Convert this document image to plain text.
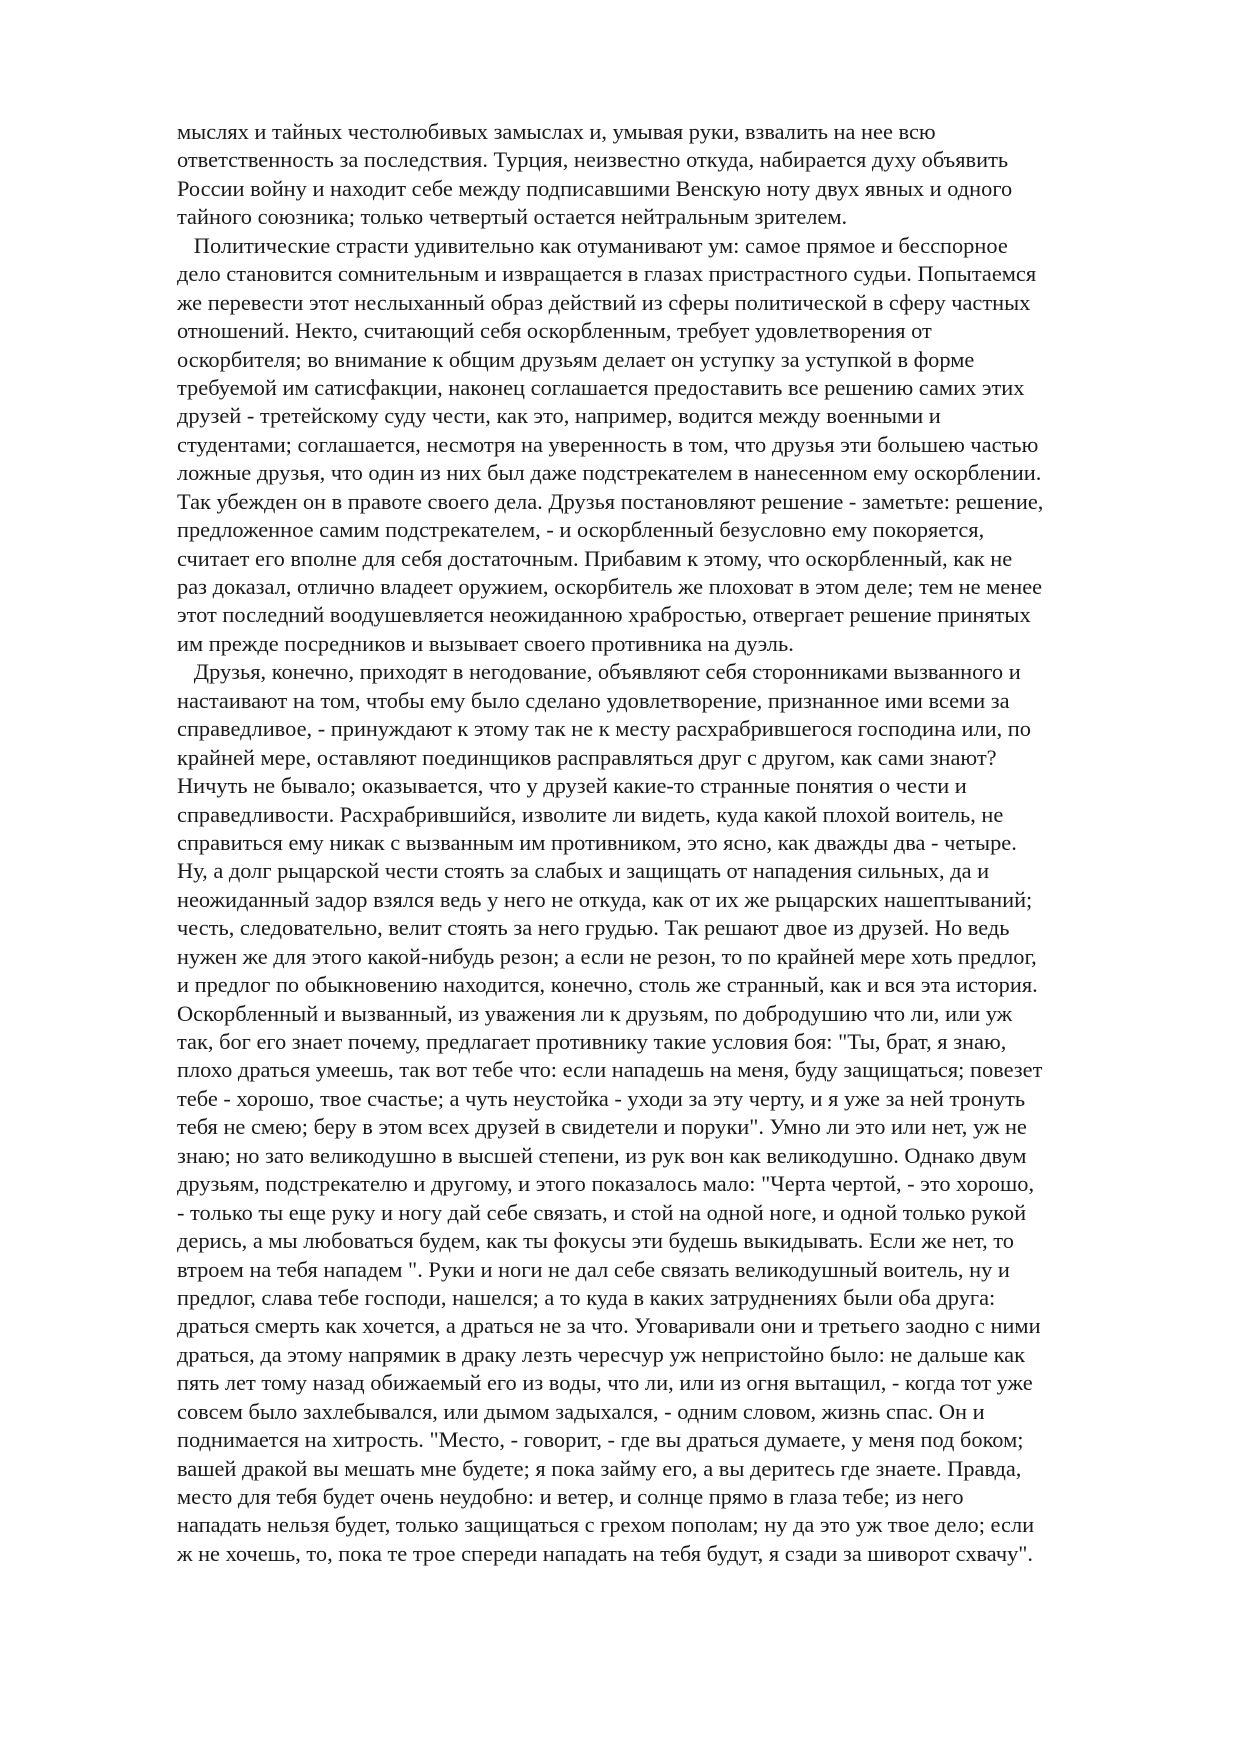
мыслях и тайных честолюбивых замыслах и, умывая руки, взвалить на нее всю
ответственность за последствия. Турция, неизвестно откуда, набирается духу объявить
России войну и находит себе между подписавшими Венскую ноту двух явных и одного
тайного союзника; только четвертый остается нейтральным зрителем.
Политические страсти удивительно как отуманивают ум: самое прямое и бесспорное
дело становится сомнительным и извращается в глазах пристрастного судьи. Попытаемся
же перевести этот неслыханный образ действий из сферы политической в сферу частных
отношений. Некто, считающий себя оскорбленным, требует удовлетворения от
оскорбителя; во внимание к общим друзьям делает он уступку за уступкой в форме
требуемой им сатисфакции, наконец соглашается предоставить все решению самих этих
друзей - третейскому суду чести, как это, например, водится между военными и
студентами; соглашается, несмотря на уверенность в том, что друзья эти большею частью
ложные друзья, что один из них был даже подстрекателем в нанесенном ему оскорблении.
Так убежден он в правоте своего дела. Друзья постановляют решение - заметьте: решение,
предложенное самим подстрекателем, - и оскорбленный безусловно ему покоряется,
считает его вполне для себя достаточным. Прибавим к этому, что оскорбленный, как не
раз доказал, отлично владеет оружием, оскорбитель же плоховат в этом деле; тем не менее
этот последний воодушевляется неожиданною храбростью, отвергает решение принятых
им прежде посредников и вызывает своего противника на дуэль.
Друзья, конечно, приходят в негодование, объявляют себя сторонниками вызванного и
настаивают на том, чтобы ему было сделано удовлетворение, признанное ими всеми за
справедливое, - принуждают к этому так не к месту расхрабрившегося господина или, по
крайней мере, оставляют поединщиков расправляться друг с другом, как сами знают?
Ничуть не бывало; оказывается, что у друзей какие-то странные понятия о чести и
справедливости. Расхрабрившийся, изволите ли видеть, куда какой плохой воитель, не
справиться ему никак с вызванным им противником, это ясно, как дважды два - четыре.
Ну, а долг рыцарской чести стоять за слабых и защищать от нападения сильных, да и
неожиданный задор взялся ведь у него не откуда, как от их же рыцарских нашептываний;
честь, следовательно, велит стоять за него грудью. Так решают двое из друзей. Но ведь
нужен же для этого какой-нибудь резон; а если не резон, то по крайней мере хоть предлог,
и предлог по обыкновению находится, конечно, столь же странный, как и вся эта история.
Оскорбленный и вызванный, из уважения ли к друзьям, по добродушию что ли, или уж
так, бог его знает почему, предлагает противнику такие условия боя: "Ты, брат, я знаю,
плохо драться умеешь, так вот тебе что: если нападешь на меня, буду защищаться; повезет
тебе - хорошо, твое счастье; а чуть неустойка - уходи за эту черту, и я уже за ней тронуть
тебя не смею; беру в этом всех друзей в свидетели и поруки". Умно ли это или нет, уж не
знаю; но зато великодушно в высшей степени, из рук вон как великодушно. Однако двум
друзьям, подстрекателю и другому, и этого показалось мало: "Черта чертой, - это хорошо,
- только ты еще руку и ногу дай себе связать, и стой на одной ноге, и одной только рукой
дерись, а мы любоваться будем, как ты фокусы эти будешь выкидывать. Если же нет, то
втроем на тебя нападем ". Руки и ноги не дал себе связать великодушный воитель, ну и
предлог, слава тебе господи, нашелся; а то куда в каких затруднениях были оба друга:
драться смерть как хочется, а драться не за что. Уговаривали они и третьего заодно с ними
драться, да этому напрямик в драку лезть чересчур уж непристойно было: не дальше как
пять лет тому назад обижаемый его из воды, что ли, или из огня вытащил, - когда тот уже
совсем было захлебывался, или дымом задыхался, - одним словом, жизнь спас. Он и
поднимается на хитрость. "Место, - говорит, - где вы драться думаете, у меня под боком;
вашей дракой вы мешать мне будете; я пока займу его, а вы деритесь где знаете. Правда,
место для тебя будет очень неудобно: и ветер, и солнце прямо в глаза тебе; из него
нападать нельзя будет, только защищаться с грехом пополам; ну да это уж твое дело; если
ж не хочешь, то, пока те трое спереди нападать на тебя будут, я сзади за шиворот схвачу".
